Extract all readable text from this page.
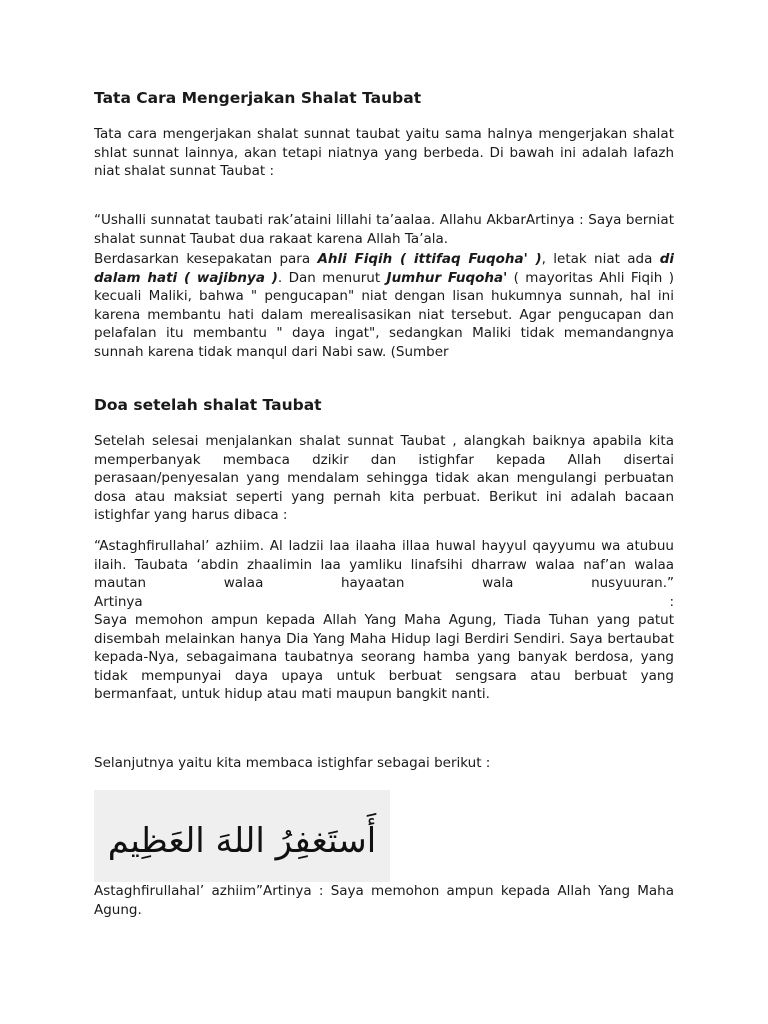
Tata Cara Mengerjakan Shalat Taubat

Tata cara mengerjakan shalat sunnat taubat yaitu sama halnya mengerjakan shalat shlat sunnat lainnya, akan tetapi niatnya yang berbeda. Di bawah ini adalah lafazh niat shalat sunnat Taubat :

“Ushalli sunnatat taubati rak’ataini lillahi ta’aalaa. Allahu AkbarArtinya : Saya berniat shalat sunnat Taubat dua rakaat karena Allah Ta’ala.

Berdasarkan kesepakatan para Ahli Fiqih ( ittifaq Fuqoha' ), letak niat ada di dalam hati ( wajibnya ). Dan menurut Jumhur Fuqoha' ( mayoritas Ahli Fiqih ) kecuali Maliki, bahwa " pengucapan" niat dengan lisan hukumnya sunnah, hal ini karena membantu hati dalam merealisasikan niat tersebut. Agar pengucapan dan pelafalan itu membantu " daya ingat", sedangkan Maliki tidak memandangnya sunnah karena tidak manqul dari Nabi saw. (Sumber

Doa setelah shalat Taubat

Setelah selesai menjalankan shalat sunnat Taubat , alangkah baiknya apabila kita memperbanyak membaca dzikir dan istighfar kepada Allah disertai perasaan/penyesalan yang mendalam sehingga tidak akan mengulangi perbuatan dosa atau maksiat seperti yang pernah kita perbuat. Berikut ini adalah bacaan istighfar yang harus dibaca :

“Astaghfirullahal’ azhiim. Al ladzii laa ilaaha illaa huwal hayyul qayyumu wa atubuu ilaih. Taubata ‘abdin zhaalimin laa yamliku linafsihi dharraw walaa naf’an walaa mautan walaa hayaatan wala nusyuuran.”

Artinya	:

Saya memohon ampun kepada Allah Yang Maha Agung, Tiada Tuhan yang patut disembah melainkan hanya Dia Yang Maha Hidup lagi Berdiri Sendiri. Saya bertaubat kepada-Nya, sebagaimana taubatnya seorang hamba yang banyak berdosa, yang tidak mempunyai daya upaya untuk berbuat sengsara atau berbuat yang bermanfaat, untuk hidup atau mati maupun bangkit nanti.

Selanjutnya yaitu kita membaca istighfar sebagai berikut :

أَستَغفِرُ اللهَ العَظِيم

Astaghfirullahal’ azhiim”Artinya : Saya memohon ampun kepada Allah Yang Maha Agung.
